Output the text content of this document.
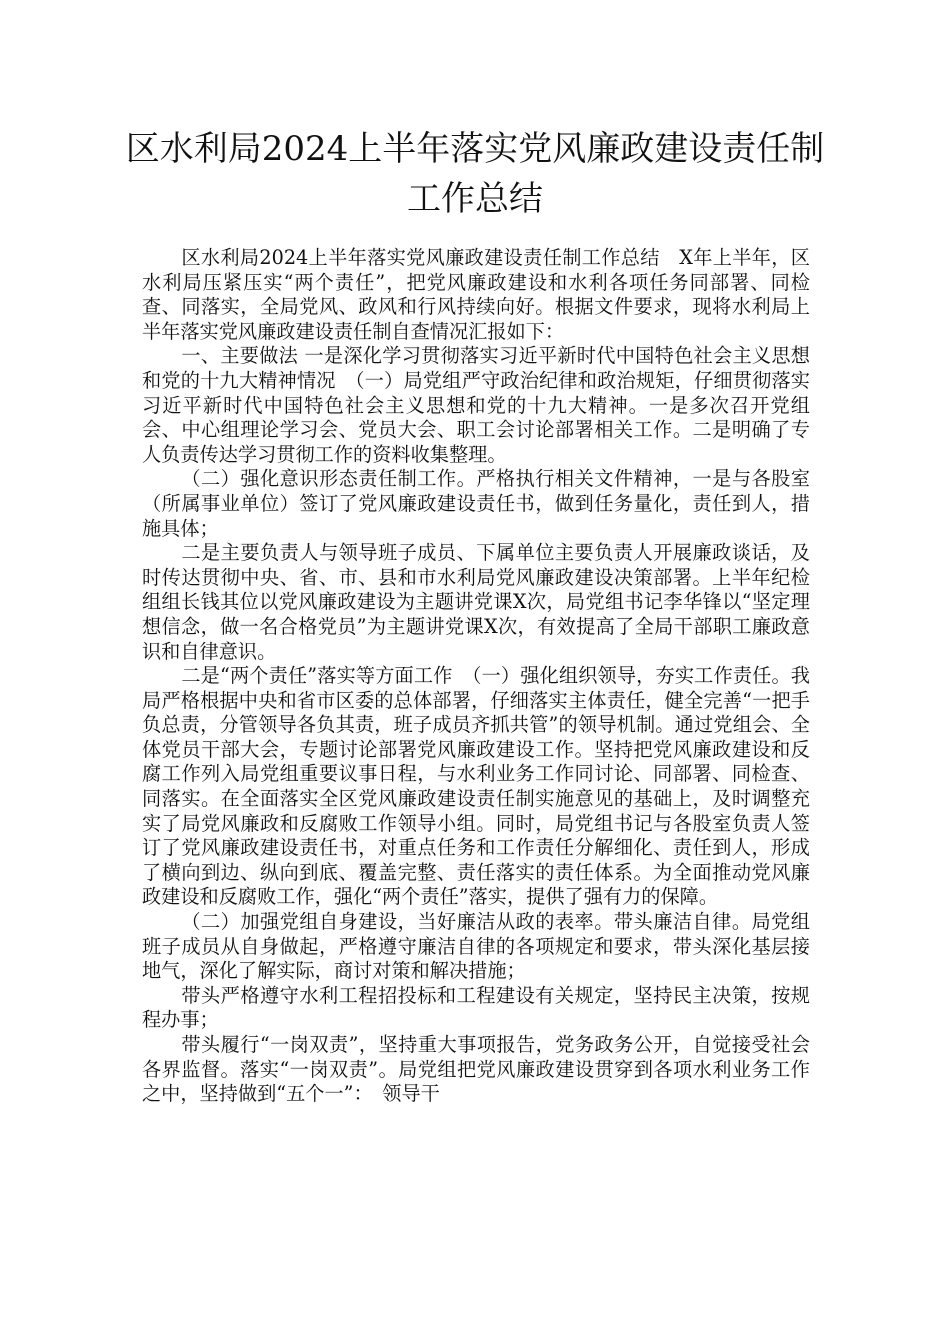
区水利局2024上半年落实党风廉政建设责任制工作总结

区水利局2024上半年落实党风廉政建设责任制工作总结　X年上半年，区水利局压紧压实“两个责任”，把党风廉政建设和水利各项任务同部署、同检查、同落实，全局党风、政风和行风持续向好。根据文件要求，现将水利局上半年落实党风廉政建设责任制自查情况汇报如下：

一、主要做法 一是深化学习贯彻落实习近平新时代中国特色社会主义思想和党的十九大精神情况　（一）局党组严守政治纪律和政治规矩，仔细贯彻落实习近平新时代中国特色社会主义思想和党的十九大精神。一是多次召开党组会、中心组理论学习会、党员大会、职工会讨论部署相关工作。二是明确了专人负责传达学习贯彻工作的资料收集整理。

（二）强化意识形态责任制工作。严格执行相关文件精神，一是与各股室（所属事业单位）签订了党风廉政建设责任书，做到任务量化，责任到人，措施具体；

二是主要负责人与领导班子成员、下属单位主要负责人开展廉政谈话，及时传达贯彻中央、省、市、县和市水利局党风廉政建设决策部署。上半年纪检组组长钱其位以党风廉政建设为主题讲党课X次，局党组书记李华锋以“坚定理想信念，做一名合格党员”为主题讲党课X次，有效提高了全局干部职工廉政意识和自律意识。

二是“两个责任”落实等方面工作　（一）强化组织领导，夯实工作责任。我局严格根据中央和省市区委的总体部署，仔细落实主体责任，健全完善“一把手负总责，分管领导各负其责，班子成员齐抓共管”的领导机制。通过党组会、全体党员干部大会，专题讨论部署党风廉政建设工作。坚持把党风廉政建设和反腐工作列入局党组重要议事日程，与水利业务工作同讨论、同部署、同检查、同落实。在全面落实全区党风廉政建设责任制实施意见的基础上，及时调整充实了局党风廉政和反腐败工作领导小组。同时，局党组书记与各股室负责人签订了党风廉政建设责任书，对重点任务和工作责任分解细化、责任到人，形成了横向到边、纵向到底、覆盖完整、责任落实的责任体系。为全面推动党风廉政建设和反腐败工作，强化“两个责任”落实，提供了强有力的保障。

（二）加强党组自身建设，当好廉洁从政的表率。带头廉洁自律。局党组班子成员从自身做起，严格遵守廉洁自律的各项规定和要求，带头深化基层接地气，深化了解实际，商讨对策和解决措施；

带头严格遵守水利工程招投标和工程建设有关规定，坚持民主决策，按规程办事；

带头履行“一岗双责”，坚持重大事项报告，党务政务公开，自觉接受社会各界监督。落实“一岗双责”。局党组把党风廉政建设贯穿到各项水利业务工作之中，坚持做到“五个一”：　领导干
